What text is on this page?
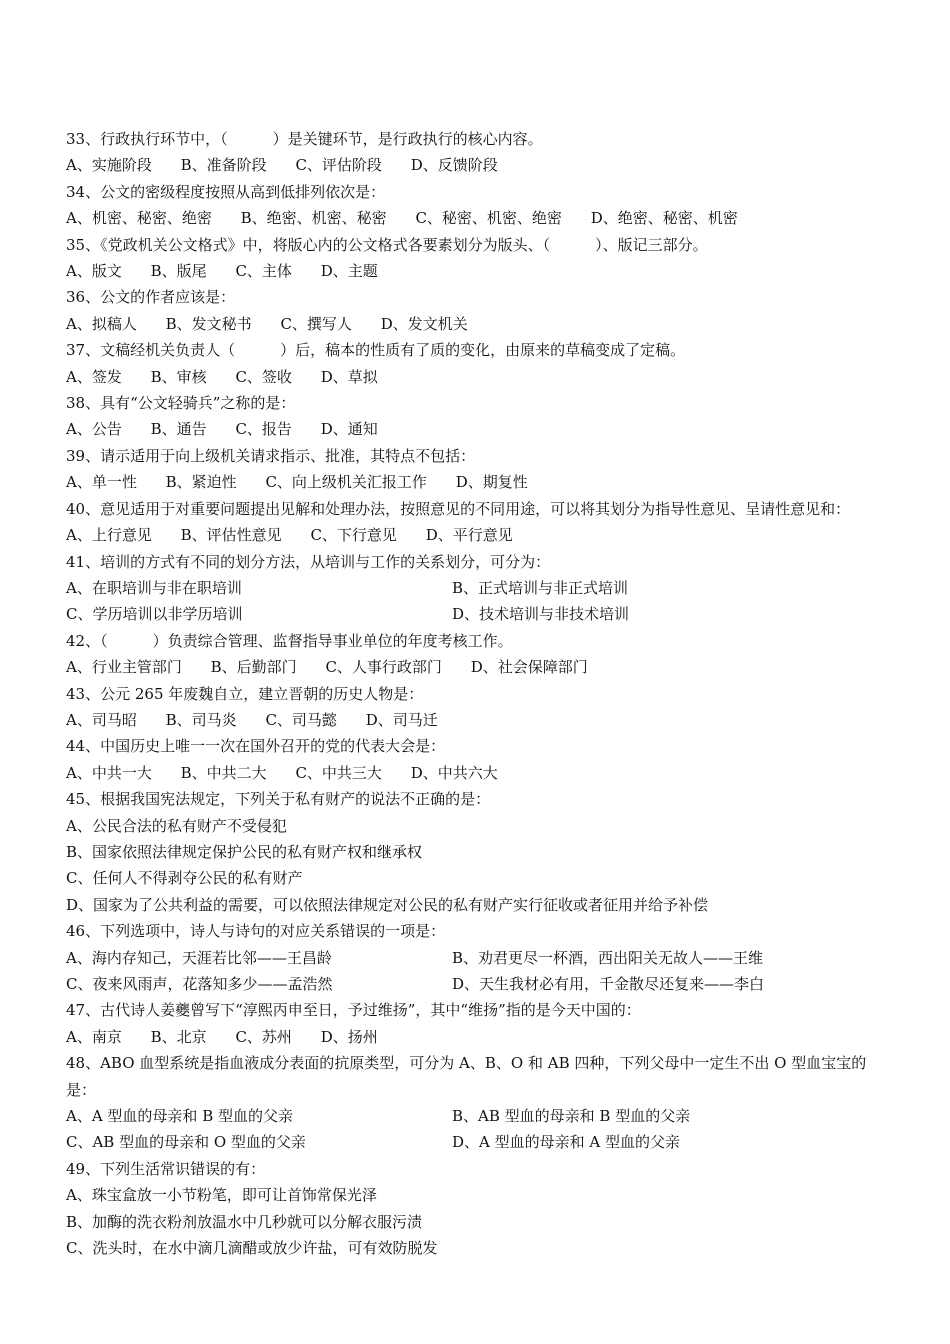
33、行政执行环节中，（　　　）是关键环节，是行政执行的核心内容。
A、实施阶段 B、准备阶段 C、评估阶段 D、反馈阶段
34、公文的密级程度按照从高到低排列依次是：
A、机密、秘密、绝密 B、绝密、机密、秘密 C、秘密、机密、绝密 D、绝密、秘密、机密
35、《党政机关公文格式》中，将版心内的公文格式各要素划分为版头、（　　　）、版记三部分。
A、版文 B、版尾 C、主体 D、主题
36、公文的作者应该是：
A、拟稿人 B、发文秘书 C、撰写人 D、发文机关
37、文稿经机关负责人（　　　）后，稿本的性质有了质的变化，由原来的草稿变成了定稿。
A、签发 B、审核 C、签收 D、草拟
38、具有“公文轻骑兵”之称的是：
A、公告 B、通告 C、报告 D、通知
39、请示适用于向上级机关请求指示、批准，其特点不包括：
A、单一性 B、紧迫性 C、向上级机关汇报工作 D、期复性
40、意见适用于对重要问题提出见解和处理办法，按照意见的不同用途，可以将其划分为指导性意见、呈请性意见和：
A、上行意见 B、评估性意见 C、下行意见 D、平行意见
41、培训的方式有不同的划分方法，从培训与工作的关系划分，可分为：
A、在职培训与非在职培训	B、正式培训与非正式培训
C、学历培训以非学历培训	D、技术培训与非技术培训
42、（　　　）负责综合管理、监督指导事业单位的年度考核工作。
A、行业主管部门 B、后勤部门 C、人事行政部门 D、社会保障部门
43、公元 265 年废魏自立，建立晋朝的历史人物是：
A、司马昭 B、司马炎 C、司马懿 D、司马迁
44、中国历史上唯一一次在国外召开的党的代表大会是：
A、中共一大 B、中共二大 C、中共三大 D、中共六大
45、根据我国宪法规定，下列关于私有财产的说法不正确的是：
A、公民合法的私有财产不受侵犯
B、国家依照法律规定保护公民的私有财产权和继承权
C、任何人不得剥夺公民的私有财产
D、国家为了公共利益的需要，可以依照法律规定对公民的私有财产实行征收或者征用并给予补偿
46、下列选项中，诗人与诗句的对应关系错误的一项是：
A、海内存知己，天涯若比邻——王昌龄	B、劝君更尽一杯酒，西出阳关无故人——王维
C、夜来风雨声，花落知多少——孟浩然	D、天生我材必有用，千金散尽还复来——李白
47、古代诗人姜夔曾写下“淳熙丙申至日，予过维扬”，其中“维扬”指的是今天中国的：
A、南京 B、北京 C、苏州 D、扬州
48、ABO 血型系统是指血液成分表面的抗原类型，可分为 A、B、O 和 AB 四种，下列父母中一定生不出 O 型血宝宝的是：
A、A 型血的母亲和 B 型血的父亲	B、AB 型血的母亲和 B 型血的父亲
C、AB 型血的母亲和 O 型血的父亲	D、A 型血的母亲和 A 型血的父亲
49、下列生活常识错误的有：
A、珠宝盒放一小节粉笔，即可让首饰常保光泽
B、加酶的洗衣粉剂放温水中几秒就可以分解衣服污渍
C、洗头时，在水中滴几滴醋或放少许盐，可有效防脱发
